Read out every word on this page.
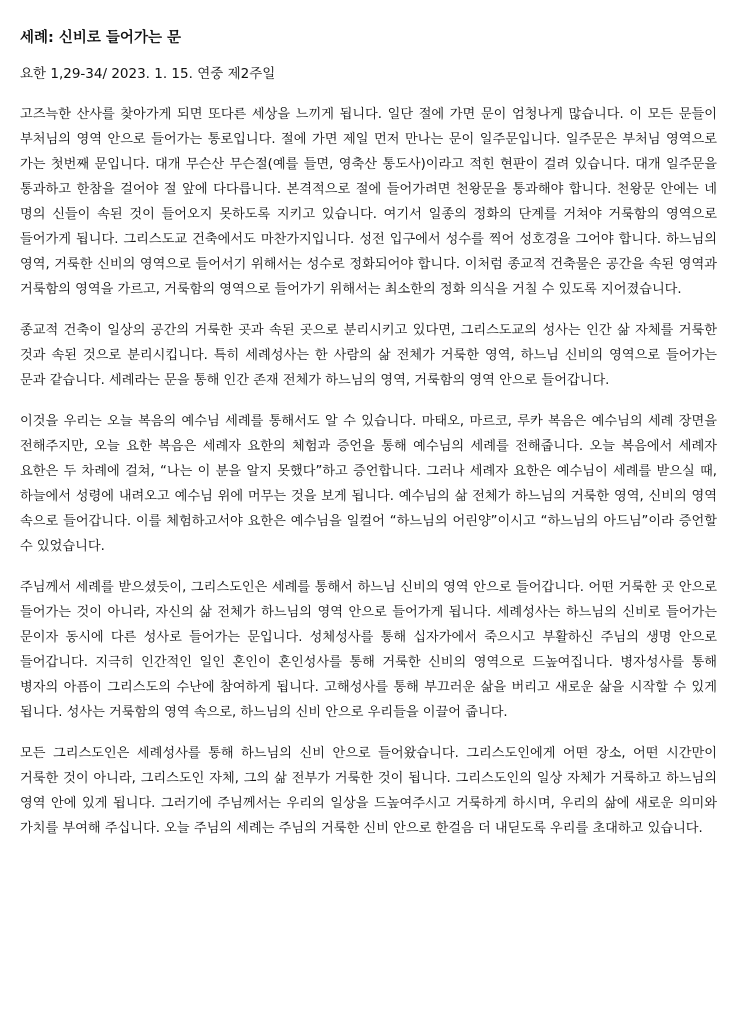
세례: 신비로 들어가는 문
요한 1,29-34/ 2023. 1. 15. 연중 제2주일

고즈늑한 산사를 찾아가게 되면 또다른 세상을 느끼게 됩니다. 일단 절에 가면 문이 엄청나게 많습니다. 이 모든 문들이 부처님의 영역 안으로 들어가는 통로입니다. 절에 가면 제일 먼저 만나는 문이 일주문입니다. 일주문은 부처님 영역으로 가는 첫번째 문입니다. 대개 무슨산 무슨절(예를 들면, 영축산 통도사)이라고 적힌 현판이 걸려 있습니다. 대개 일주문을 통과하고 한참을 걸어야 절 앞에 다다릅니다. 본격적으로 절에 들어가려면 천왕문을 통과해야 합니다. 천왕문 안에는 네 명의 신들이 속된 것이 들어오지 못하도록 지키고 있습니다. 여기서 일종의 정화의 단계를 거쳐야 거룩함의 영역으로 들어가게 됩니다. 그리스도교 건축에서도 마찬가지입니다. 성전 입구에서 성수를 찍어 성호경을 그어야 합니다. 하느님의 영역, 거룩한 신비의 영역으로 들어서기 위해서는 성수로 정화되어야 합니다. 이처럼 종교적 건축물은 공간을 속된 영역과 거룩함의 영역을 가르고, 거룩함의 영역으로 들어가기 위해서는 최소한의 정화 의식을 거칠 수 있도록 지어졌습니다.

종교적 건축이 일상의 공간의 거룩한 곳과 속된 곳으로 분리시키고 있다면, 그리스도교의 성사는 인간 삶 자체를 거룩한 것과 속된 것으로 분리시킵니다. 특히 세례성사는 한 사람의 삶 전체가 거룩한 영역, 하느님 신비의 영역으로 들어가는 문과 같습니다. 세례라는 문을 통해 인간 존재 전체가 하느님의 영역, 거룩함의 영역 안으로 들어갑니다.

이것을 우리는 오늘 복음의 예수님 세례를 통해서도 알 수 있습니다. 마태오, 마르코, 루카 복음은 예수님의 세례 장면을 전해주지만, 오늘 요한 복음은 세례자 요한의 체험과 증언을 통해 예수님의 세례를 전해줍니다. 오늘 복음에서 세례자 요한은 두 차례에 걸쳐, “나는 이 분을 알지 못했다”하고 증언합니다. 그러나 세례자 요한은 예수님이 세례를 받으실 때, 하늘에서 성령에 내려오고 예수님 위에 머무는 것을 보게 됩니다. 예수님의 삶 전체가 하느님의 거룩한 영역, 신비의 영역 속으로 들어갑니다. 이를 체험하고서야 요한은 예수님을 일컬어 “하느님의 어린양”이시고 “하느님의 아드님”이라 증언할 수 있었습니다.

주님께서 세례를 받으셨듯이, 그리스도인은 세례를 통해서 하느님 신비의 영역 안으로 들어갑니다. 어떤 거룩한 곳 안으로 들어가는 것이 아니라, 자신의 삶 전체가 하느님의 영역 안으로 들어가게 됩니다. 세례성사는 하느님의 신비로 들어가는 문이자 동시에 다른 성사로 들어가는 문입니다. 성체성사를 통해 십자가에서 죽으시고 부활하신 주님의 생명 안으로 들어갑니다. 지극히 인간적인 일인 혼인이 혼인성사를 통해 거룩한 신비의 영역으로 드높여집니다. 병자성사를 통해 병자의 아픔이 그리스도의 수난에 참여하게 됩니다. 고해성사를 통해 부끄러운 삶을 버리고 새로운 삶을 시작할 수 있게 됩니다. 성사는 거룩함의 영역 속으로, 하느님의 신비 안으로 우리들을 이끌어 줍니다.

모든 그리스도인은 세례성사를 통해 하느님의 신비 안으로 들어왔습니다. 그리스도인에게 어떤 장소, 어떤 시간만이 거룩한 것이 아니라, 그리스도인 자체, 그의 삶 전부가 거룩한 것이 됩니다. 그리스도인의 일상 자체가 거룩하고 하느님의 영역 안에 있게 됩니다. 그러기에 주님께서는 우리의 일상을 드높여주시고 거룩하게 하시며, 우리의 삶에 새로운 의미와 가치를 부여해 주십니다. 오늘 주님의 세례는 주님의 거룩한 신비 안으로 한걸음 더 내딛도록 우리를 초대하고 있습니다.
